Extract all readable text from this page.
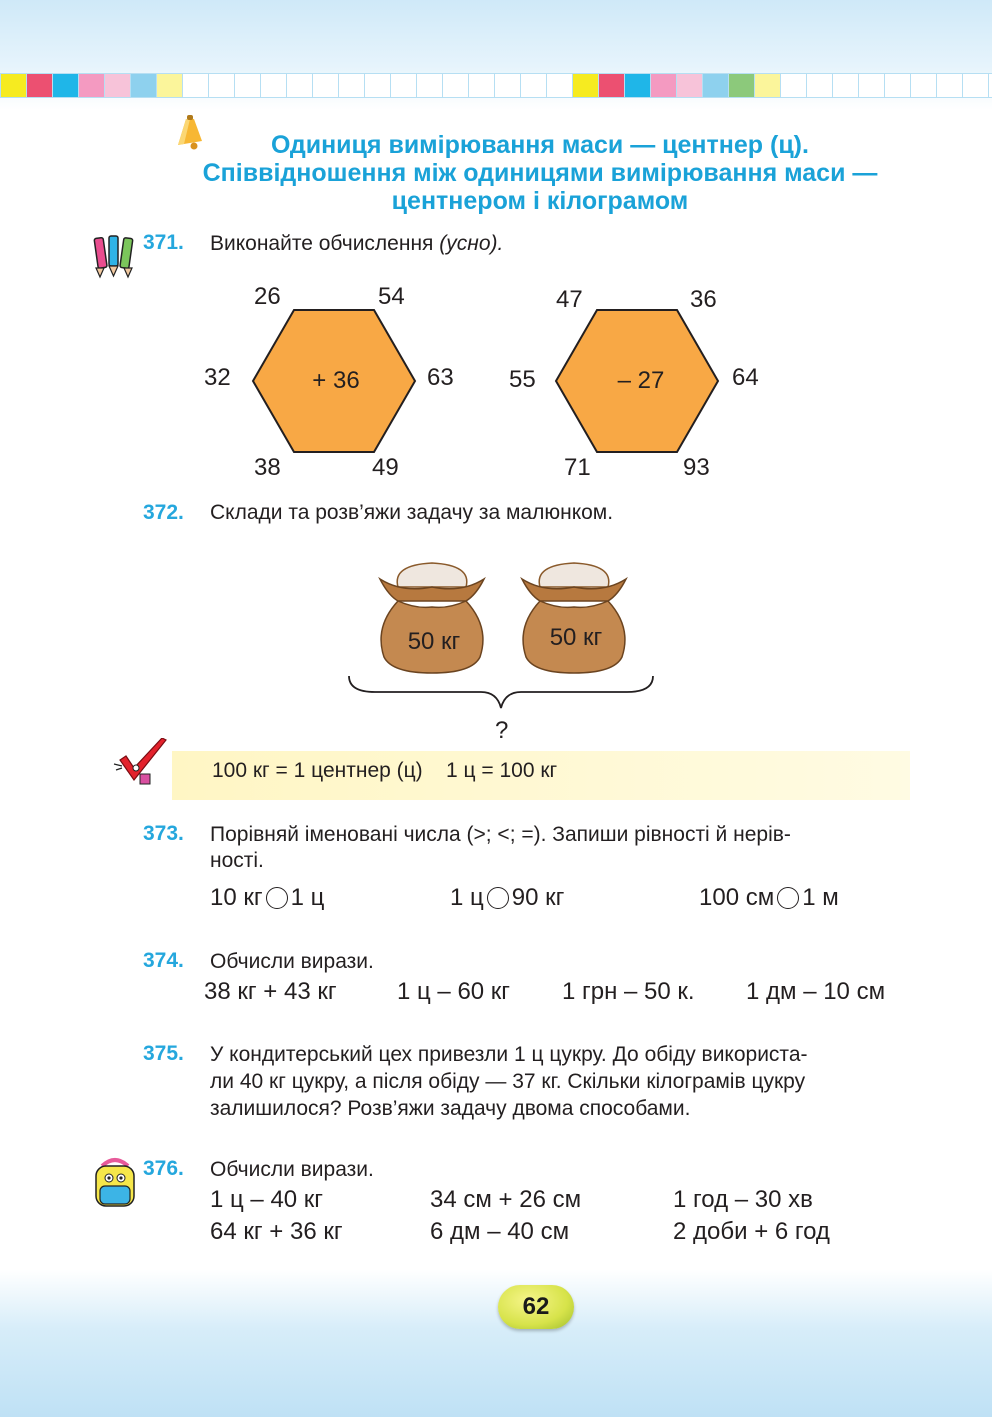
Одиниця вимірювання маси — центнер (ц).
Співвідношення між одиницями вимірювання маси —
центнером і кілограмом
371. Виконайте обчислення (усно).
+ 36
26	54
32	63
38	49
– 27
47	36
55	64
71	93
372. Склади та розв’яжи задачу за малюнком.
50 кг	50 кг
?
100 кг = 1 центнер (ц)    1 ц = 100 кг
373. Порівняй іменовані числа (>; <; =). Запиши рівності й нерів-
ності.
10 кг 1 ц	1 ц 90 кг	100 см 1 м
374. Обчисли вирази.
38 кг + 43 кг	1 ц – 60 кг 1 грн – 50 к. 1 дм – 10 см
375. У кондитерський цех привезли 1 ц цукру. До обіду використа-
ли 40 кг цукру, а після обіду — 37 кг. Скільки кілограмів цукру
залишилося? Розв’яжи задачу двома способами.
376. Обчисли вирази.
1 ц – 40 кг	34 см + 26 см	1 год – 30 хв
64 кг + 36 кг	6 дм – 40 см	2 доби + 6 год
62
